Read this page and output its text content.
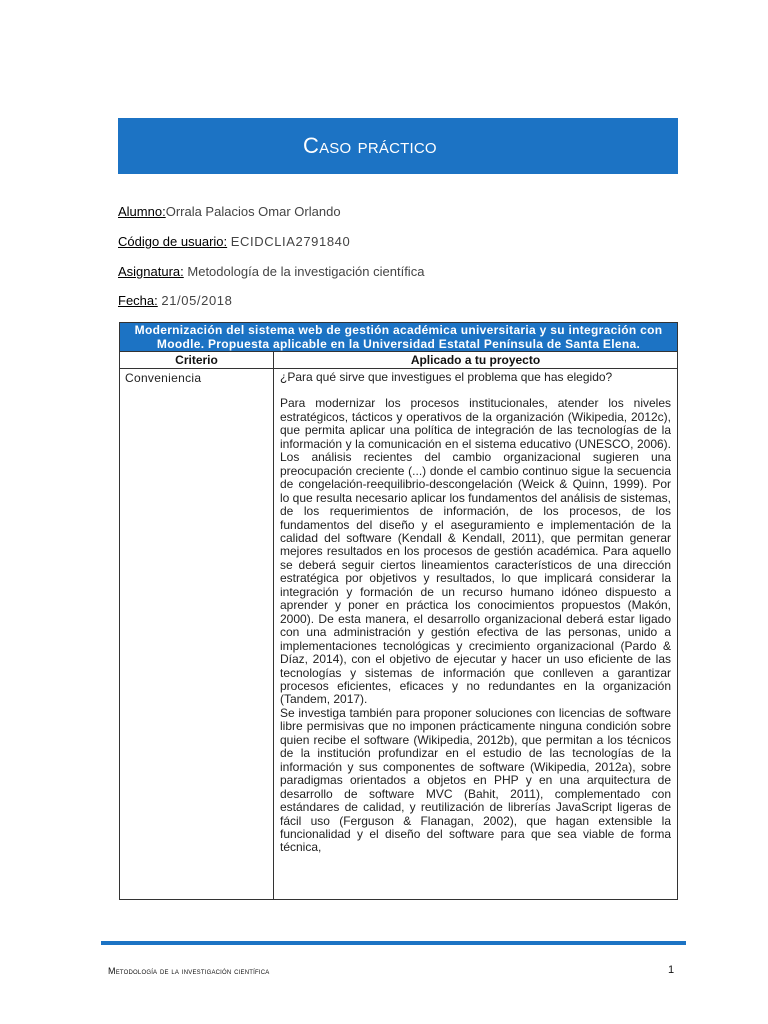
Caso práctico
Alumno:Orrala Palacios Omar Orlando
Código de usuario: ECIDCLIA2791840
Asignatura: Metodología de la investigación científica
Fecha: 21/05/2018
Modernización del sistema web de gestión académica universitaria y su integración con Moodle. Propuesta aplicable en la Universidad Estatal Península de Santa Elena.	
Criterio	Aplicado a tu proyecto
Conveniencia	¿Para qué sirve que investigues el problema que has elegido?

Para modernizar los procesos institucionales, atender los niveles estratégicos, tácticos y operativos de la organización (Wikipedia, 2012c), que permita aplicar una política de integración de las tecnologías de la información y la comunicación en el sistema educativo (UNESCO, 2006). Los análisis recientes del cambio organizacional sugieren una preocupación creciente (...) donde el cambio continuo sigue la secuencia de congelación-reequilibrio-descongelación (Weick & Quinn, 1999). Por lo que resulta necesario aplicar los fundamentos del análisis de sistemas, de los requerimientos de información, de los procesos, de los fundamentos del diseño y el aseguramiento e implementación de la calidad del software (Kendall & Kendall, 2011), que permitan generar mejores resultados en los procesos de gestión académica. Para aquello se deberá seguir ciertos lineamientos característicos de una dirección estratégica por objetivos y resultados, lo que implicará considerar la integración y formación de un recurso humano idóneo dispuesto a aprender y poner en práctica los conocimientos propuestos (Makón, 2000). De esta manera, el desarrollo organizacional deberá estar ligado con una administración y gestión efectiva de las personas, unido a implementaciones tecnológicas y crecimiento organizacional (Pardo & Díaz, 2014), con el objetivo de ejecutar y hacer un uso eficiente de las tecnologías y sistemas de información que conlleven a garantizar procesos eficientes, eficaces y no redundantes en la organización (Tandem, 2017).

Se investiga también para proponer soluciones con licencias de software libre permisivas que no imponen prácticamente ninguna condición sobre quien recibe el software (Wikipedia, 2012b), que permitan a los técnicos de la institución profundizar en el estudio de las tecnologías de la información y sus componentes de software (Wikipedia, 2012a), sobre paradigmas orientados a objetos en PHP y en una arquitectura de desarrollo de software MVC (Bahit, 2011), complementado con estándares de calidad, y reutilización de librerías JavaScript ligeras de fácil uso (Ferguson & Flanagan, 2002), que hagan extensible la funcionalidad y el diseño del software para que sea viable de forma técnica,

Metodología de la investigación científica	1
